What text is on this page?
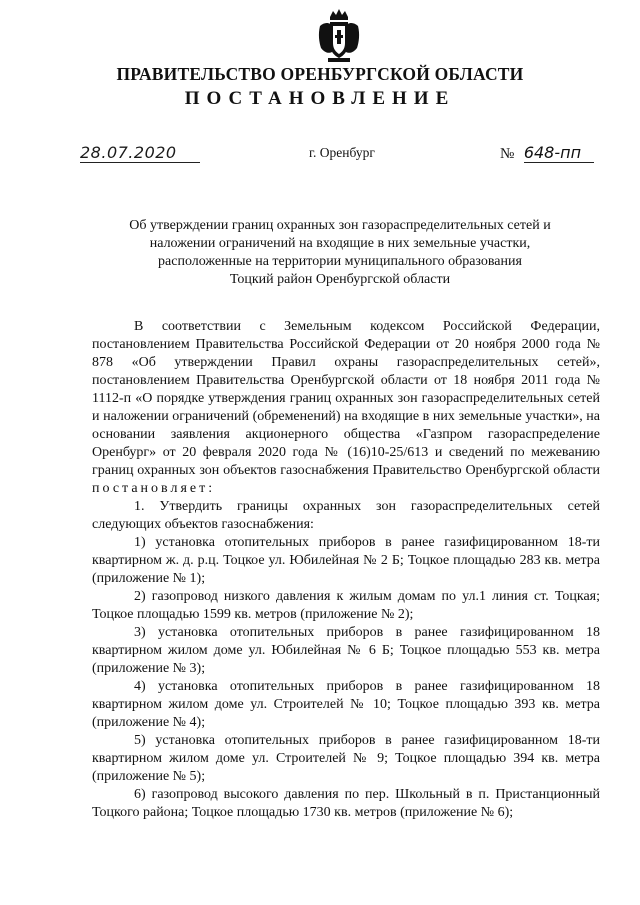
ПРАВИТЕЛЬСТВО ОРЕНБУРГСКОЙ ОБЛАСТИ
ПОСТАНОВЛЕНИЕ
28.07.2020	г. Оренбург	№ 648-пп
Об утверждении границ охранных зон газораспределительных сетей и
наложении ограничений на входящие в них земельные участки,
расположенные на территории муниципального образования
Тоцкий район Оренбургской области

В соответствии с Земельным кодексом Российской Федерации, постановлением Правительства Российской Федерации от 20 ноября 2000 года № 878 «Об утверждении Правил охраны газораспределительных сетей», постановлением Правительства Оренбургской области от 18 ноября 2011 года № 1112-п «О порядке утверждения границ охранных зон газораспределительных сетей и наложении ограничений (обременений) на входящие в них земельные участки», на основании заявления акционерного общества «Газпром газораспределение Оренбург» от 20 февраля 2020 года № (16)10-25/613 и сведений по межеванию границ охранных зон объектов газоснабжения Правительство Оренбургской области постановляет:

1. Утвердить границы охранных зон газораспределительных сетей следующих объектов газоснабжения:

1) установка отопительных приборов в ранее газифицированном 18-ти квартирном ж. д. р.ц. Тоцкое ул. Юбилейная № 2 Б; Тоцкое площадью 283 кв. метра (приложение № 1);

2) газопровод низкого давления к жилым домам по ул.1 линия ст. Тоцкая; Тоцкое площадью 1599 кв. метров (приложение № 2);

3) установка отопительных приборов в ранее газифицированном 18 квартирном жилом доме ул. Юбилейная № 6 Б; Тоцкое площадью 553 кв. метра (приложение № 3);

4) установка отопительных приборов в ранее газифицированном 18 квартирном жилом доме ул. Строителей № 10; Тоцкое площадью 393 кв. метра (приложение № 4);

5) установка отопительных приборов в ранее газифицированном 18-ти квартирном жилом доме ул. Строителей № 9; Тоцкое площадью 394 кв. метра (приложение № 5);

6) газопровод высокого давления по пер. Школьный в п. Пристанционный Тоцкого района; Тоцкое площадью 1730 кв. метров (приложение № 6);
